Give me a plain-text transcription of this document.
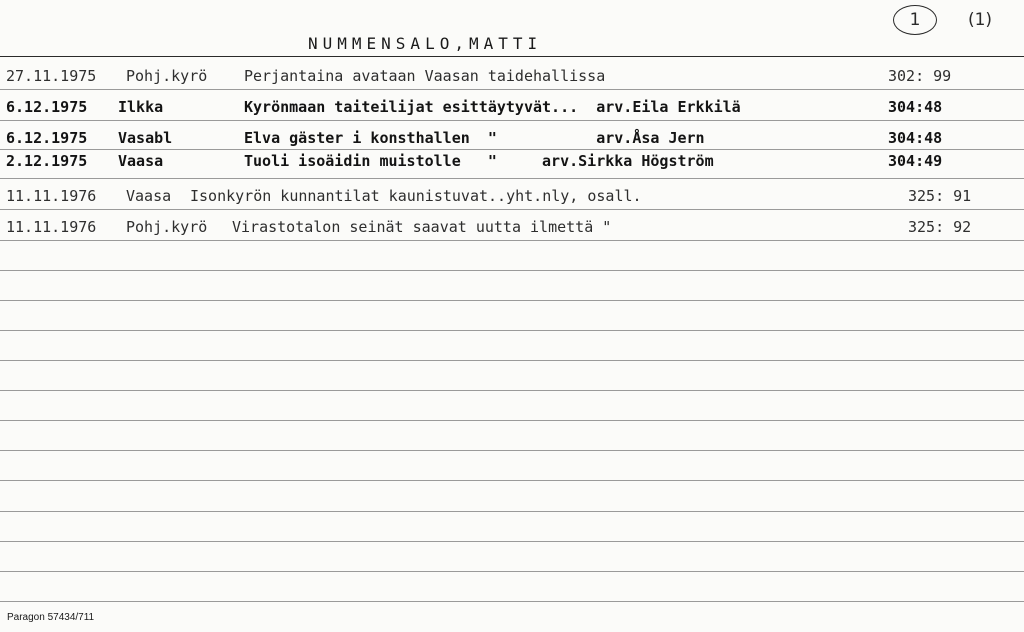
NUMMENSALO,MATTI
1	(1)
27.11.1975 Pohj.kyrö Perjantaina avataan Vaasan taidehallissa	302: 99
6.12.1975 Ilkka	Kyrönmaan taiteilijat esittäytyvät...  arv.Eila Erkkilä	304:48
6.12.1975 Vasabl	Elva gäster i konsthallen  "           arv.Åsa Jern	304:48
2.12.1975 Vaasa	Tuoli isoäidin muistolle   "     arv.Sirkka Högström	304:49
11.11.1976 Vaasa Isonkyrön kunnantilat kaunistuvat..yht.nly, osall.	325: 91
11.11.1976 Pohj.kyrö Virastotalon seinät saavat uutta ilmettä "	325: 92
Paragon 57434/711
